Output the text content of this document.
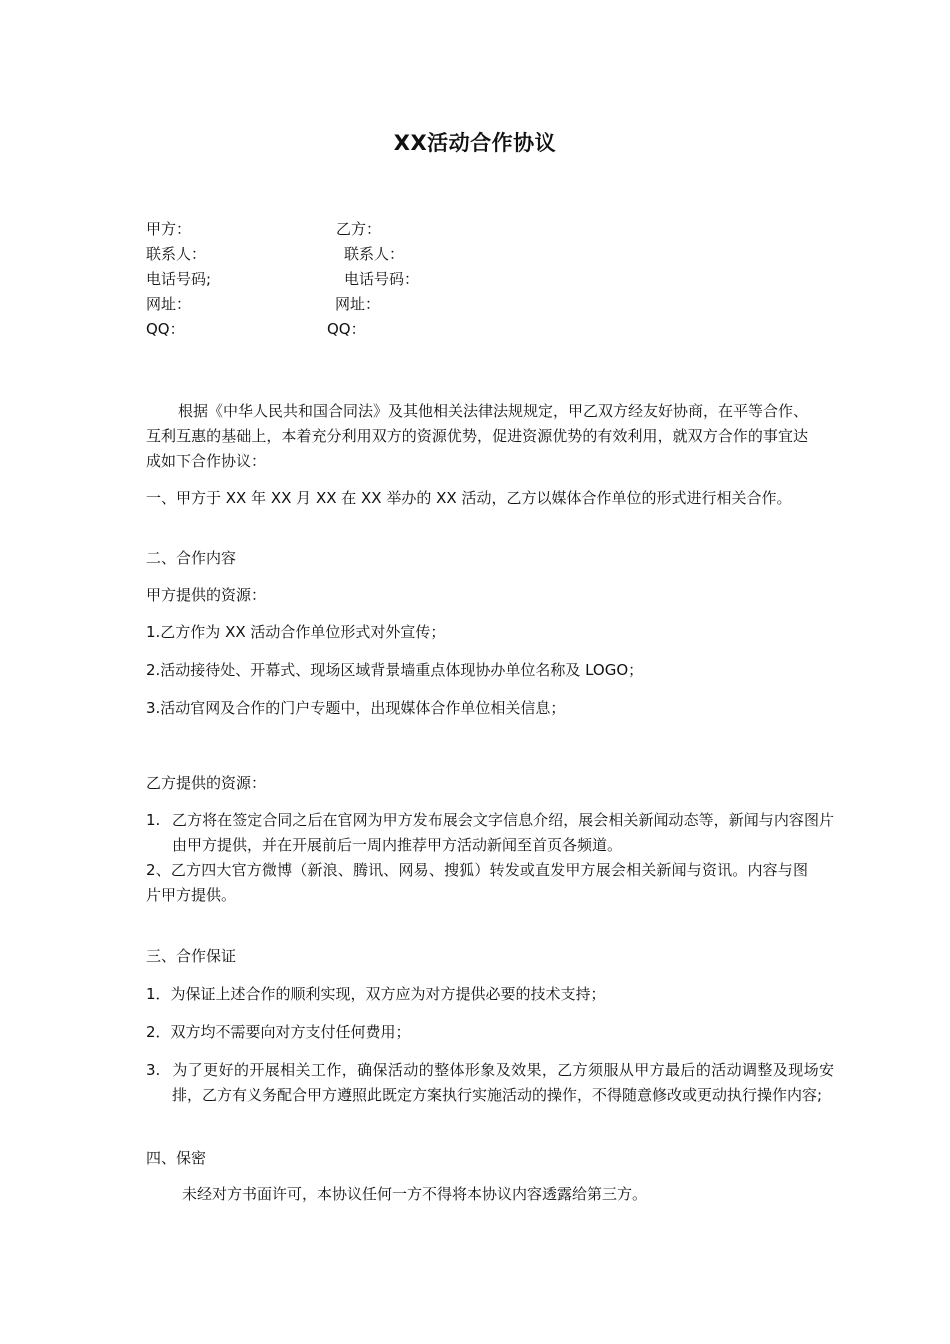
XX活动合作协议
甲方：	乙方：
联系人：	联系人：
电话号码;	电话号码：
网址：	网址：
QQ：	QQ：
根据《中华人民共和国合同法》及其他相关法律法规规定，甲乙双方经友好协商，在平等合作、互利互惠的基础上，本着充分利用双方的资源优势，促进资源优势的有效利用，就双方合作的事宜达成如下合作协议：
一、甲方于 XX 年 XX 月 XX 在 XX 举办的 XX 活动，乙方以媒体合作单位的形式进行相关合作。
二、合作内容
甲方提供的资源：
1.乙方作为 XX 活动合作单位形式对外宣传；
2.活动接待处、开幕式、现场区域背景墙重点体现协办单位名称及 LOGO；
3.活动官网及合作的门户专题中，出现媒体合作单位相关信息；
乙方提供的资源：
1. 乙方将在签定合同之后在官网为甲方发布展会文字信息介绍，展会相关新闻动态等，新闻与内容图片由甲方提供，并在开展前后一周内推荐甲方活动新闻至首页各频道。
2、乙方四大官方微博（新浪、腾讯、网易、搜狐）转发或直发甲方展会相关新闻与资讯。内容与图片甲方提供。
三、合作保证
1．为保证上述合作的顺利实现，双方应为对方提供必要的技术支持；
2．双方均不需要向对方支付任何费用；
3. 为了更好的开展相关工作，确保活动的整体形象及效果，乙方须服从甲方最后的活动调整及现场安排，乙方有义务配合甲方遵照此既定方案执行实施活动的操作，不得随意修改或更动执行操作内容;
四、保密
未经对方书面许可，本协议任何一方不得将本协议内容透露给第三方。
